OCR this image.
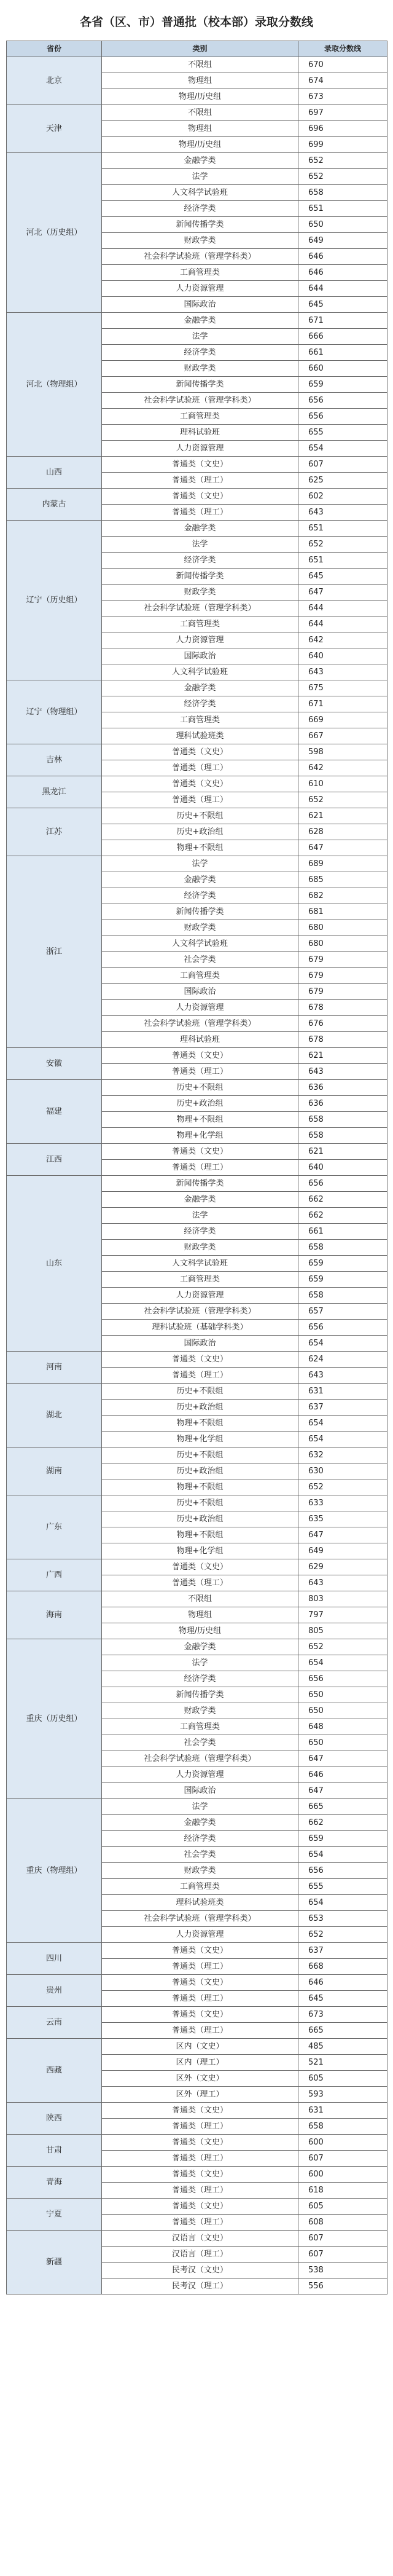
各省（区、市）普通批（校本部）录取分数线
省份	类别	录取分数线
北京	不限组	670
	物理组	674
	物理/历史组	673
天津	不限组	697
	物理组	696
	物理/历史组	699
河北（历史组）	金融学类	652
	法学	652
	人文科学试验班	658
	经济学类	651
	新闻传播学类	650
	财政学类	649
	社会科学试验班（管理学科类）	646
	工商管理类	646
	人力资源管理	644
	国际政治	645
河北（物理组）	金融学类	671
	法学	666
	经济学类	661
	财政学类	660
	新闻传播学类	659
	社会科学试验班（管理学科类）	656
	工商管理类	656
	理科试验班	655
	人力资源管理	654
山西	普通类（文史）	607
	普通类（理工）	625
内蒙古	普通类（文史）	602
	普通类（理工）	643
辽宁（历史组）	金融学类	651
	法学	652
	经济学类	651
	新闻传播学类	645
	财政学类	647
	社会科学试验班（管理学科类）	644
	工商管理类	644
	人力资源管理	642
	国际政治	640
	人文科学试验班	643
辽宁（物理组）	金融学类	675
	经济学类	671
	工商管理类	669
	理科试验班类	667
吉林	普通类（文史）	598
	普通类（理工）	642
黑龙江	普通类（文史）	610
	普通类（理工）	652
江苏	历史+不限组	621
	历史+政治组	628
	物理+不限组	647
浙江	法学	689
	金融学类	685
	经济学类	682
	新闻传播学类	681
	财政学类	680
	人文科学试验班	680
	社会学类	679
	工商管理类	679
	国际政治	679
	人力资源管理	678
	社会科学试验班（管理学科类）	676
	理科试验班	678
安徽	普通类（文史）	621
	普通类（理工）	643
福建	历史+不限组	636
	历史+政治组	636
	物理+不限组	658
	物理+化学组	658
江西	普通类（文史）	621
	普通类（理工）	640
山东	新闻传播学类	656
	金融学类	662
	法学	662
	经济学类	661
	财政学类	658
	人文科学试验班	659
	工商管理类	659
	人力资源管理	658
	社会科学试验班（管理学科类）	657
	理科试验班（基础学科类）	656
	国际政治	654
河南	普通类（文史）	624
	普通类（理工）	643
湖北	历史+不限组	631
	历史+政治组	637
	物理+不限组	654
	物理+化学组	654
湖南	历史+不限组	632
	历史+政治组	630
	物理+不限组	652
广东	历史+不限组	633
	历史+政治组	635
	物理+不限组	647
	物理+化学组	649
广西	普通类（文史）	629
	普通类（理工）	643
海南	不限组	803
	物理组	797
	物理/历史组	805
重庆（历史组）	金融学类	652
	法学	654
	经济学类	656
	新闻传播学类	650
	财政学类	650
	工商管理类	648
	社会学类	650
	社会科学试验班（管理学科类）	647
	人力资源管理	646
	国际政治	647
重庆（物理组）	法学	665
	金融学类	662
	经济学类	659
	社会学类	654
	财政学类	656
	工商管理类	655
	理科试验班类	654
	社会科学试验班（管理学科类）	653
	人力资源管理	652
四川	普通类（文史）	637
	普通类（理工）	668
贵州	普通类（文史）	646
	普通类（理工）	645
云南	普通类（文史）	673
	普通类（理工）	665
西藏	区内（文史）	485
	区内（理工）	521
	区外（文史）	605
	区外（理工）	593
陕西	普通类（文史）	631
	普通类（理工）	658
甘肃	普通类（文史）	600
	普通类（理工）	607
青海	普通类（文史）	600
	普通类（理工）	618
宁夏	普通类（文史）	605
	普通类（理工）	608
新疆	汉语言（文史）	607
	汉语言（理工）	607
	民考汉（文史）	538
	民考汉（理工）	556
